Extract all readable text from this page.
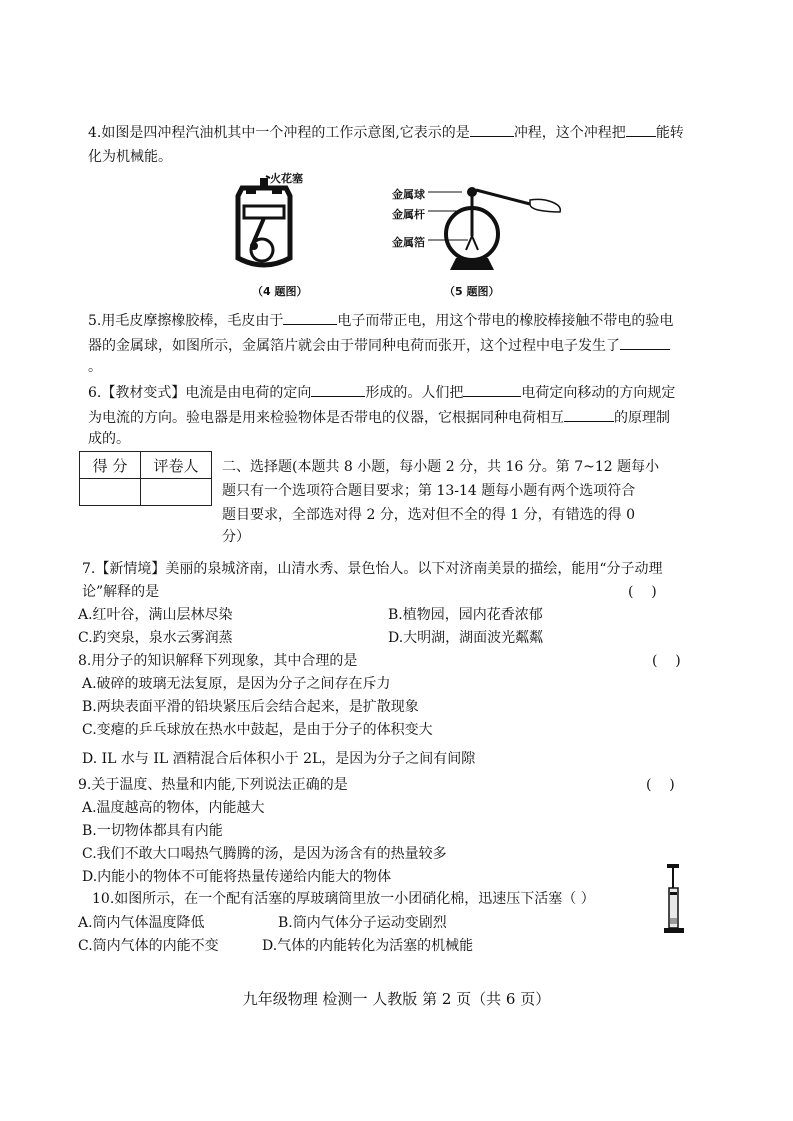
4.如图是四冲程汽油机其中一个冲程的工作示意图,它表示的是	冲程，这个冲程把 能转
化为机械能。
火花塞
（4 题图）
金属球
金属杆
金属箔
（5 题图）
5.用毛皮摩擦橡胶棒，毛皮由于	电子而带正电，用这个带电的橡胶棒接触不带电的验电
器的金属球，如图所示，金属箔片就会由于带同种电荷而张开，这个过程中电子发生了
。
6.【教材变式】电流是由电荷的定向	形成的。人们把	电荷定向移动的方向规定
为电流的方向。验电器是用来检验物体是否带电的仪器，它根据同种电荷相互	的原理制
成的。
得 分	评卷人
	二、选择题(本题共 8 小题，每小题 2 分，共 16 分。第 7~12 题每小
题只有一个选项符合题目要求；第 13-14 题每小题有两个选项符合
题目要求，全部选对得 2 分，选对但不全的得 1 分，有错选的得 0
分）
7.【新情境】美丽的泉城济南，山清水秀、景色怡人。以下对济南美景的描绘，能用“分子动理
论”解释的是	(    )
A.红叶谷，满山层林尽染	B.植物园，园内花香浓郁
C.趵突泉，泉水云雾润蒸	D.大明湖，湖面波光粼粼
8.用分子的知识解释下列现象，其中合理的是	(    )
A.破碎的玻璃无法复原，是因为分子之间存在斥力
B.两块表面平滑的铅块紧压后会结合起来，是扩散现象
C.变瘪的乒乓球放在热水中鼓起，是由于分子的体积变大
D. IL 水与 IL 酒精混合后体积小于 2L，是因为分子之间有间隙
9.关于温度、热量和内能,下列说法正确的是	(    )
A.温度越高的物体，内能越大
B.一切物体都具有内能
C.我们不敢大口喝热气腾腾的汤，是因为汤含有的热量较多
D.内能小的物体不可能将热量传递给内能大的物体
10.如图所示，在一个配有活塞的厚玻璃筒里放一小团硝化棉，迅速压下活塞（ ）
A.筒内气体温度降低	B.筒内气体分子运动变剧烈
C.筒内气体的内能不变	D.气体的内能转化为活塞的机械能
九年级物理 检测一 人教版 第 2 页（共 6 页）
